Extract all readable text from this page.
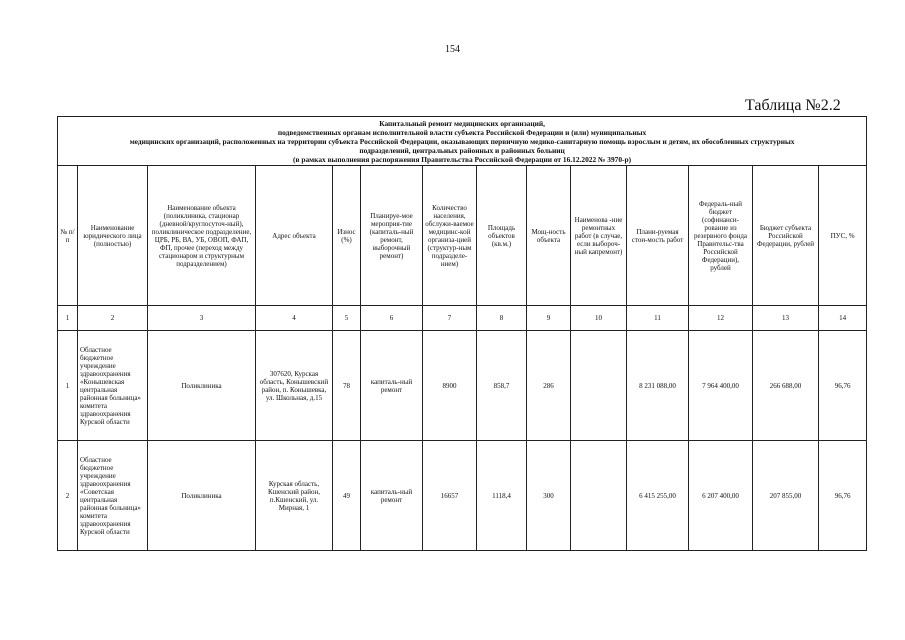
154
Таблица №2.2
Капитальный ремонт медицинских организаций,
подведомственных органам исполнительной власти субъекта Российской Федерации и (или) муниципальных
медицинских организаций, расположенных на территории субъекта Российской Федерации, оказывающих первичную медико-санитарную помощь взрослым и детям, их обособленных структурных
подразделений, центральных районных и районных больниц
(в рамках выполнения распоряжения Правительства Российской Федерации от 16.12.2022 № 3970-р)													

№ п/п	Наименование юридического лица (полностью)	Наименование объекта (поликлиника, стационар (дневной/круглосуточ-ный), поликлиническое подразделение, ЦРБ, РБ, ВА, УБ, ОВОП, ФАП, ФП, прочее (переход между стационаром и структурным подразделением)	Адрес объекта	Износ (%)	Планируе-мое мероприя-тие (капиталь-ный ремонт, выборочный ремонт)	Количество населения, обслужи-ваемое медицинс-кой организа-цией (структур-ным подразделе-нием)	Площадь объектов (кв.м.)	Мощ-ность объекта	Наименова -ние ремонтных работ (в случае, если выбороч-ный капремонт)	Плани-руемая стои-мость работ	Федераль-ный бюджет (софинанси-рование из резервного фонда Правительс-тва Российской Федерации), рублей	Бюджет субъекта Российской Федерации, рублей	ПУС, %
1	2	3	4	5	6	7	8	9	10	11	12	13	14
1	Областное бюджетное учреждение здравоохранения «Конышевская центральная районная больница» комитета здравоохранения Курской области	Поликлиника	307620, Курская область, Конышевский район, п. Конышевка, ул. Школьная, д.15	78	капиталь-ный ремонт	8900	858,7	286		8 231 088,00	7 964 400,00	266 688,00	96,76
2	Областное бюджетное учреждение здравоохранения «Советская центральная районная больница» комитета здравоохранения Курской области	Поликлиника	Курская область, Кшенский район, п.Кшенский, ул. Мирная, 1	49	капиталь-ный ремонт	16657	1118,4	300		6 415 255,00	6 207 400,00	207 855,00	96,76
